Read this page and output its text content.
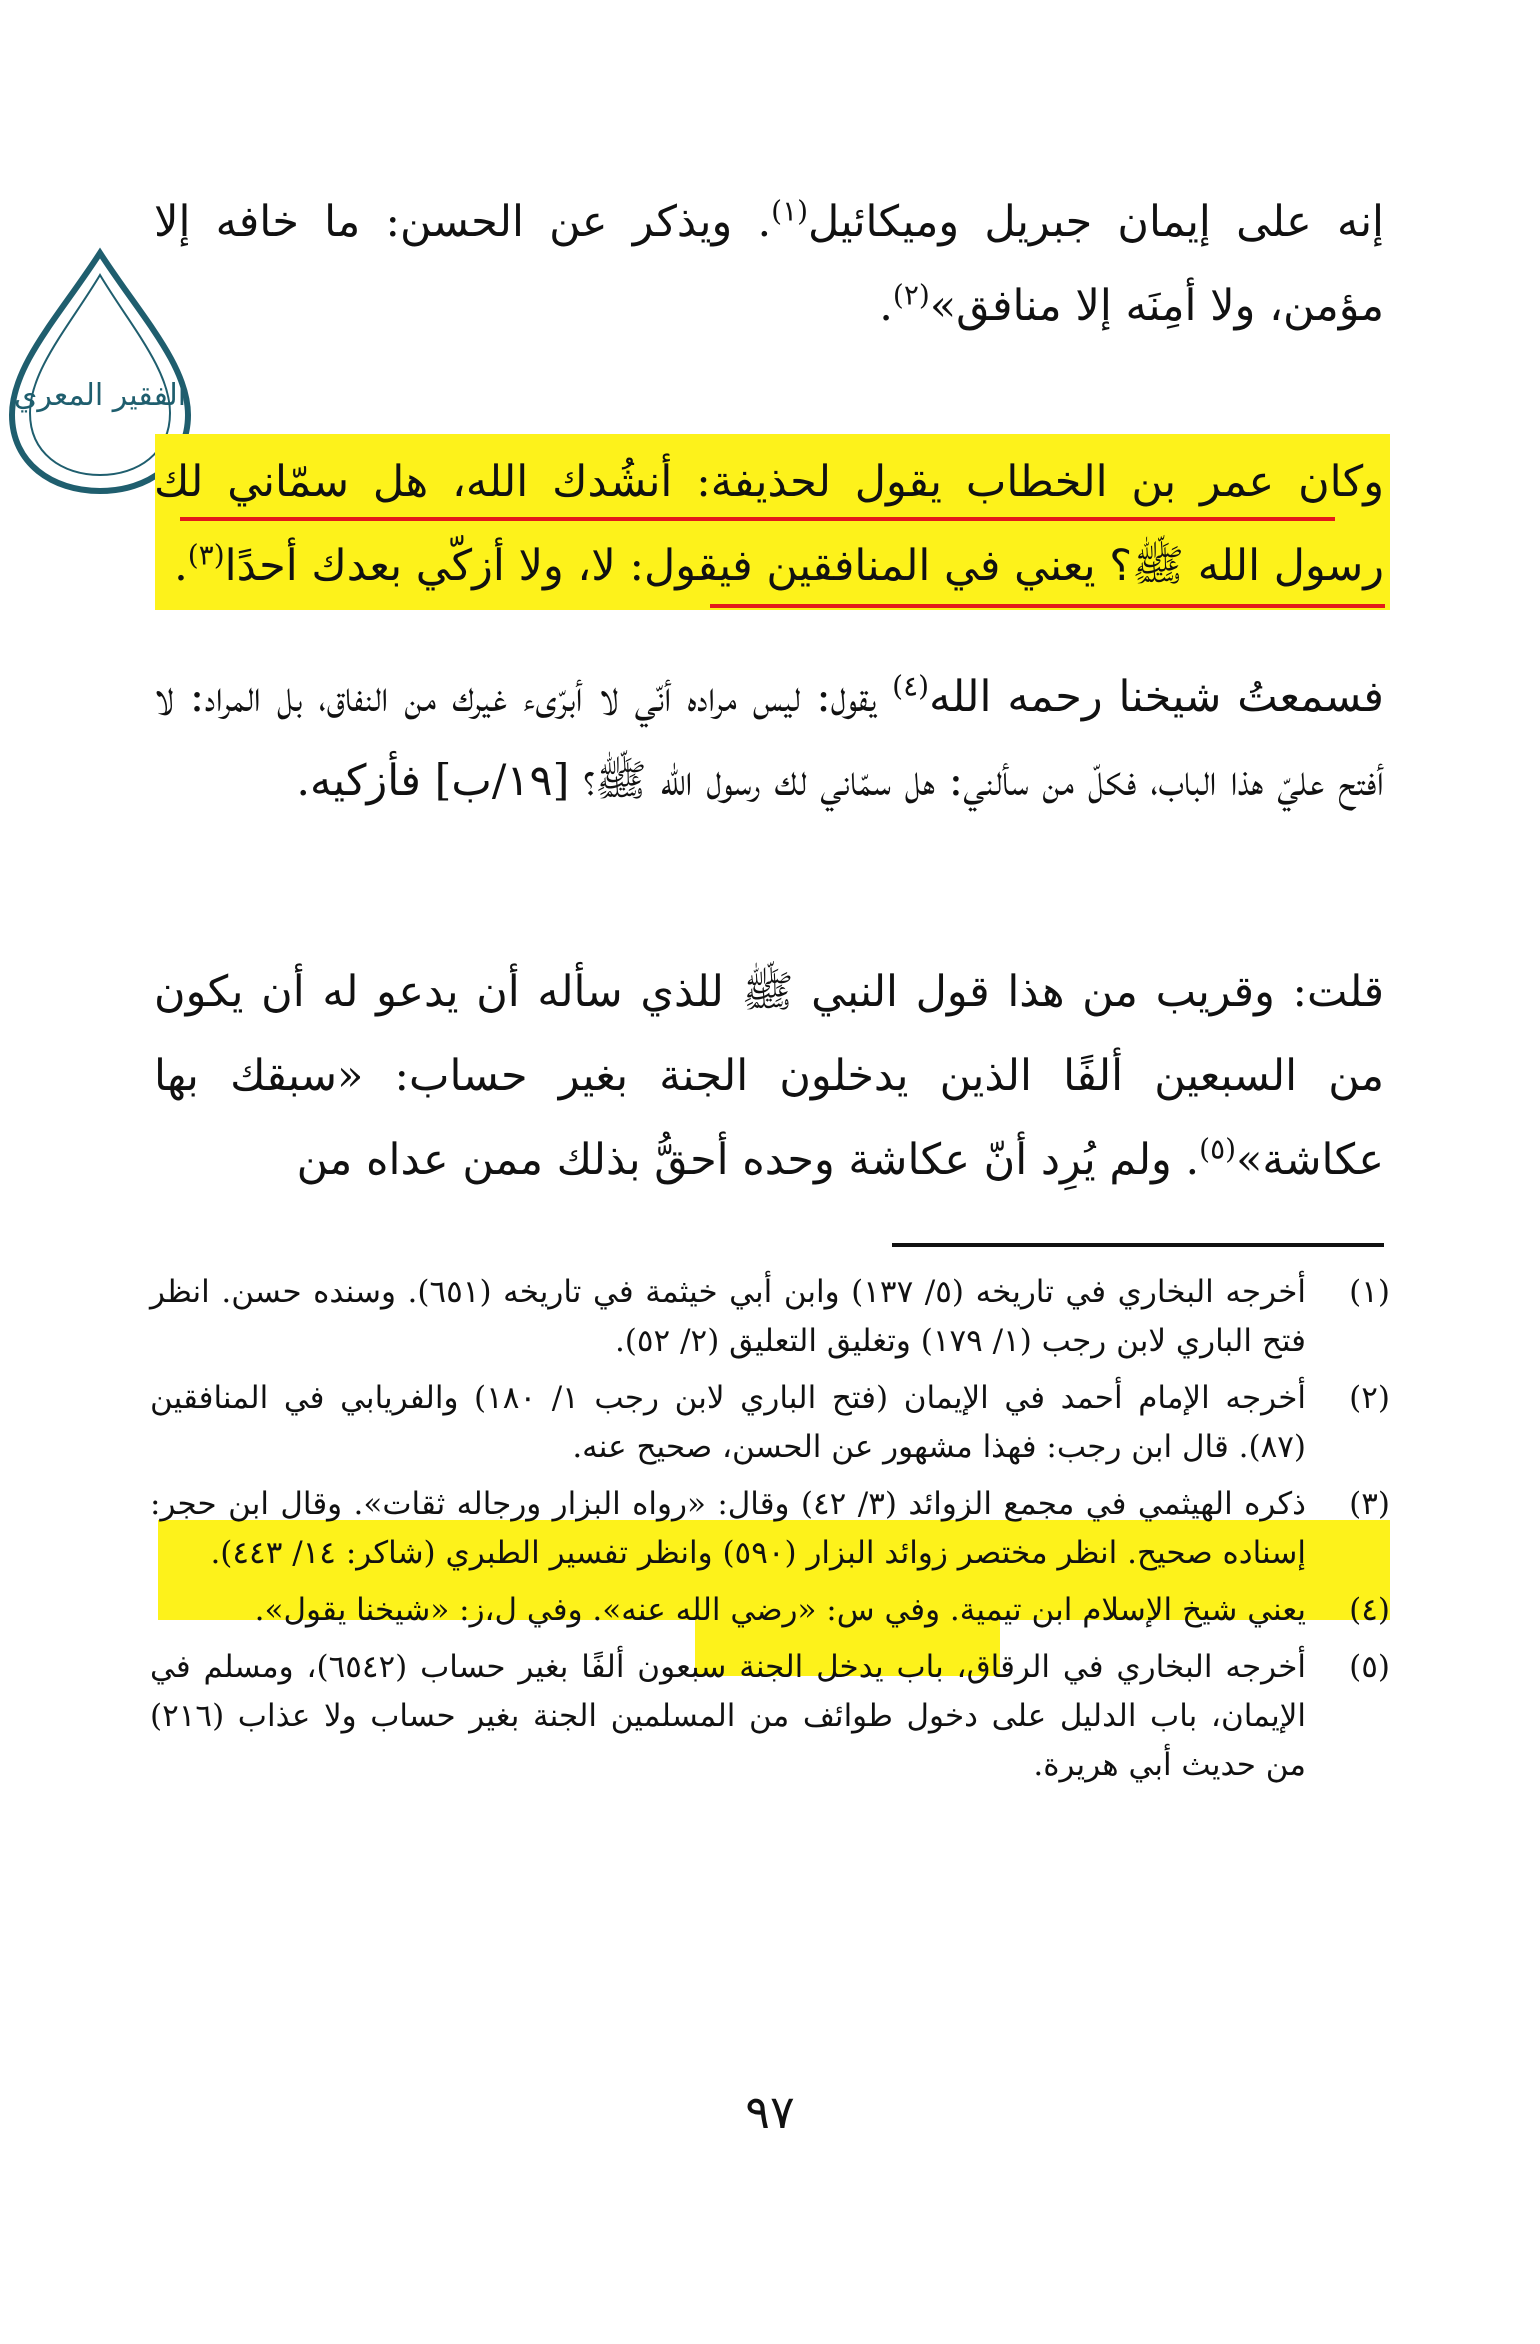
الفقير المعري
إنه على إيمان جبريل وميكائيل$^{(١)}$. ويذكر عن الحسن: ما خافه إلا مؤمن، ولا أمِنَه إلا منافق»$^{(٢)}$.
وكان عمر بن الخطاب يقول لحذيفة: أنشُدك الله، هل سمّاني لك رسول الله ﷺ؟ يعني في المنافقين فيقول: لا، ولا أزكّي بعدك أحدًا$^{(٣)}$.
فسمعتُ شيخنا رحمه الله$^{(٤)}$ يقول: ليس مراده أنّي لا أبرّىء غيرك من النفاق، بل المراد: لا أفتح عليّ هذا الباب، فكلّ من سألني: هل سمّاني لك رسول الله ﷺ؟ [١٩/ب] فأزكيه.
قلت: وقريب من هذا قول النبي ﷺ للذي سأله أن يدعو له أن يكون من السبعين ألفًا الذين يدخلون الجنة بغير حساب: «سبقك بها عكاشة»$^{(٥)}$. ولم يُرِد أنّ عكاشة وحده أحقُّ بذلك ممن عداه من
(١)
أخرجه البخاري في تاريخه (٥/ ١٣٧) وابن أبي خيثمة في تاريخه (٦٥١). وسنده حسن. انظر فتح الباري لابن رجب (١/ ١٧٩) وتغليق التعليق (٢/ ٥٢).
(٢)
أخرجه الإمام أحمد في الإيمان (فتح الباري لابن رجب ١/ ١٨٠) والفريابي في المنافقين (٨٧). قال ابن رجب: فهذا مشهور عن الحسن، صحيح عنه.
(٣)
ذكره الهيثمي في مجمع الزوائد (٣/ ٤٢) وقال: «رواه البزار ورجاله ثقات». وقال ابن حجر: إسناده صحيح. انظر مختصر زوائد البزار (٥٩٠) وانظر تفسير الطبري (شاكر: ١٤/ ٤٤٣).
(٤)
يعني شيخ الإسلام ابن تيمية. وفي س: «رضي الله عنه». وفي ل،ز: «شيخنا يقول».
(٥)
أخرجه البخاري في الرقاق، باب يدخل الجنة سبعون ألفًا بغير حساب (٦٥٤٢)، ومسلم في الإيمان، باب الدليل على دخول طوائف من المسلمين الجنة بغير حساب ولا عذاب (٢١٦) من حديث أبي هريرة.
٩٧
